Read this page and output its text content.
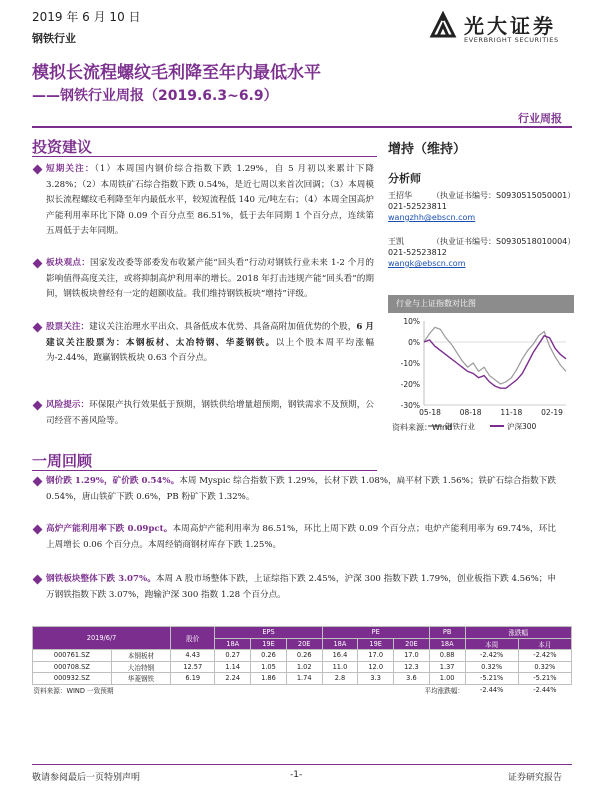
2019 年 6 月 10 日
钢铁行业
光大证券
EVERBRIGHT SECURITIES
模拟长流程螺纹毛利降至年内最低水平
——钢铁行业周报（2019.6.3~6.9）
行业周报
投资建议
短期关注：（1）本周国内钢价综合指数下跌 1.29%，自 5 月初以来累计下降 3.28%；（2）本周铁矿石综合指数下跌 0.54%，是近七周以来首次回调；（3）本周模拟长流程螺纹毛利降至年内最低水平，较短流程低 140 元/吨左右；（4）本周全国高炉产能利用率环比下降 0.09 个百分点至 86.51%，低于去年同期 1 个百分点，连续第五周低于去年同期。
板块观点：国家发改委等部委发布收紧产能“回头看”行动对钢铁行业未来 1-2 个月的影响值得高度关注，或将抑制高炉利用率的增长。2018 年打击违规产能“回头看”的期间，钢铁板块曾经有一定的超额收益。我们维持钢铁板块“增持”评级。
股票关注：建议关注治理水平出众、具备低成本优势、具备高附加值优势的个股，6 月建议关注股票为：本钢板材、太冶特钢、华菱钢铁。以上个股本周平均涨幅为-2.44%，跑赢钢铁板块 0.63 个百分点。
风险提示：环保限产执行效果低于预期，钢铁供给增量超预期，钢铁需求不及预期，公司经营不善风险等。
一周回顾
钢价跌 1.29%，矿价跌 0.54%。本周 Myspic 综合指数下跌 1.29%，长材下跌 1.08%，扁平材下跌 1.56%；铁矿石综合指数下跌 0.54%，唐山铁矿下跌 0.6%，PB 粉矿下跌 1.32%。
高炉产能利用率下跌 0.09pct。本周高炉产能利用率为 86.51%，环比上周下跌 0.09 个百分点；电炉产能利用率为 69.74%，环比上周增长 0.06 个百分点。本周经销商钢材库存下跌 1.25%。
钢铁板块整体下跌 3.07%。本周 A 股市场整体下跌，上证综指下跌 2.45%，沪深 300 指数下跌 1.79%，创业板指下跌 4.56%；申万钢铁指数下跌 3.07%，跑输沪深 300 指数 1.28 个百分点。
增持（维持）
分析师
王招华	（执业证书编号：S0930515050001）
021-52523811
wangzhh@ebscn.com
王凯	（执业证书编号：S0930518010004）
021-52523812
wangk@ebscn.com
行业与上证指数对比图
10%
0%
-10%
-20%
-30%
05-18	08-18	11-18	02-19
钢铁行业	沪深300
资料来源：Wind
2019/6/7		股价	EPS			PE			PB	涨跌幅	
			18A	19E	20E	18A	19E	20E	18A	本周	本月
000761.SZ	本钢板材	4.43	0.27	0.26	0.26	16.4	17.0	17.0	0.88	-2.42%	-2.42%
000708.SZ	大冶特钢	12.57	1.14	1.05	1.02	11.0	12.0	12.3	1.37	0.32%	0.32%
000932.SZ	华菱钢铁	6.19	2.24	1.86	1.74	2.8	3.3	3.6	1.00	-5.21%	-5.21%
资料来源：WIND 一致预期				平均涨跌幅：						-2.44%	-2.44%
敬请参阅最后一页特别声明	-1-	证券研究报告
